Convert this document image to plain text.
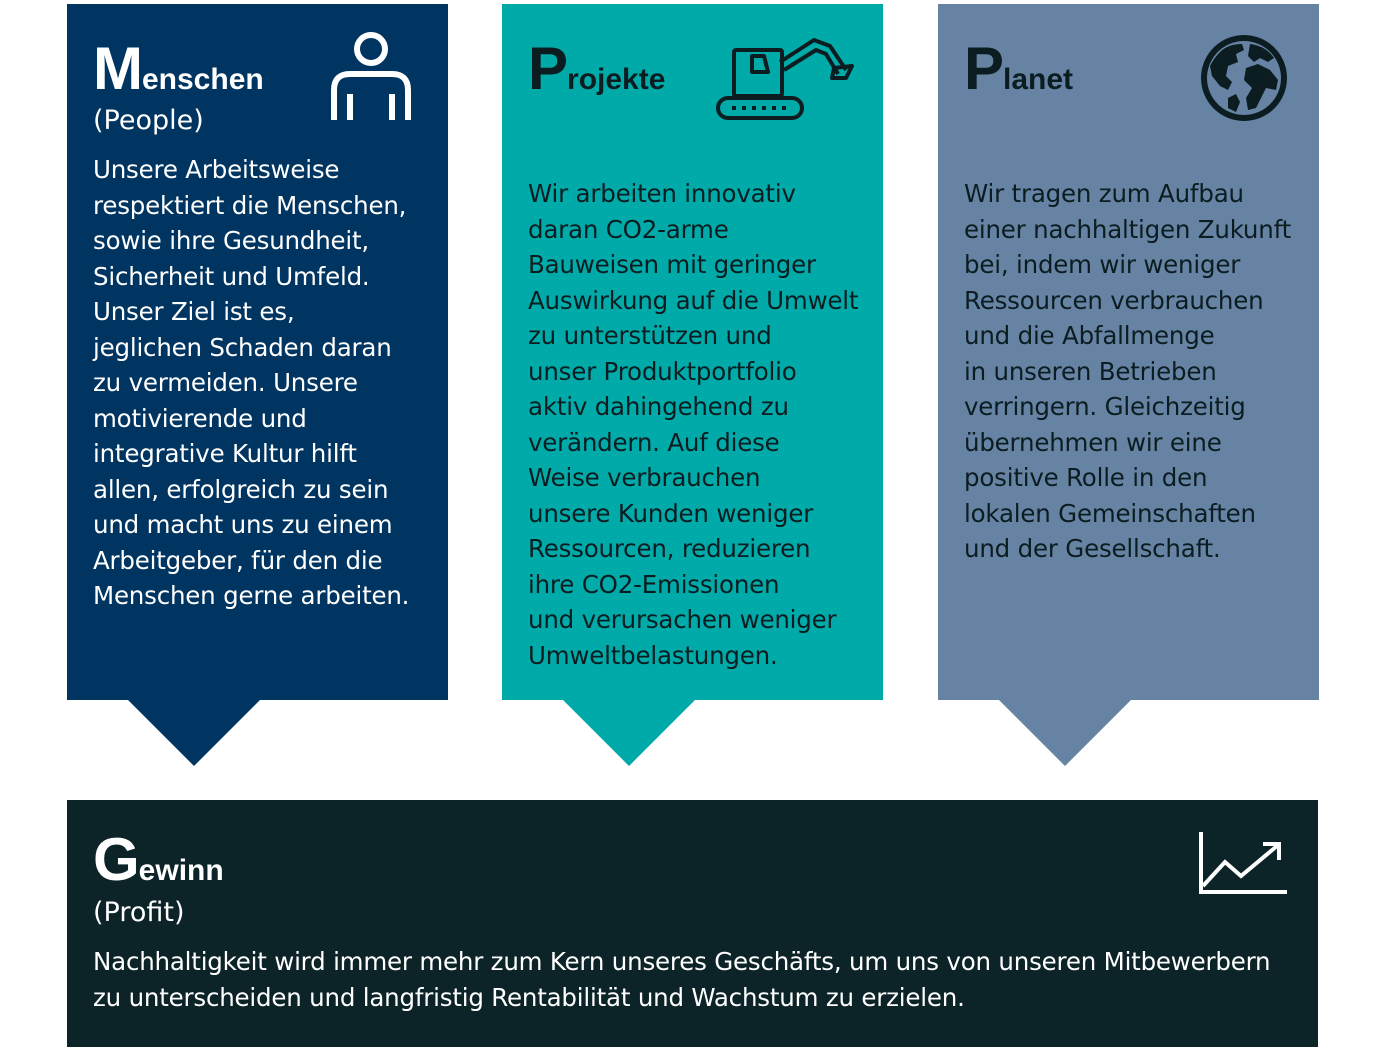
Menschen
(People)

Unsere Arbeitsweise
respektiert die Menschen,
sowie ihre Gesundheit,
Sicherheit und Umfeld.
Unser Ziel ist es,
jeglichen Schaden daran
zu vermeiden. Unsere
motivierende und
integrative Kultur hilft
allen, erfolgreich zu sein
und macht uns zu einem
Arbeitgeber, für den die
Menschen gerne arbeiten.

Projekte

Wir arbeiten innovativ
daran CO2-arme
Bauweisen mit geringer
Auswirkung auf die Umwelt
zu unterstützen und
unser Produktportfolio
aktiv dahingehend zu
verändern. Auf diese
Weise verbrauchen
unsere Kunden weniger
Ressourcen, reduzieren
ihre CO2-Emissionen
und verursachen weniger
Umweltbelastungen.

Planet

Wir tragen zum Aufbau
einer nachhaltigen Zukunft
bei, indem wir weniger
Ressourcen verbrauchen
und die Abfallmenge
in unseren Betrieben
verringern. Gleichzeitig
übernehmen wir eine
positive Rolle in den
lokalen Gemeinschaften
und der Gesellschaft.

Gewinn
(Profit)

Nachhaltigkeit wird immer mehr zum Kern unseres Geschäfts, um uns von unseren Mitbewerbern
zu unterscheiden und langfristig Rentabilität und Wachstum zu erzielen.
